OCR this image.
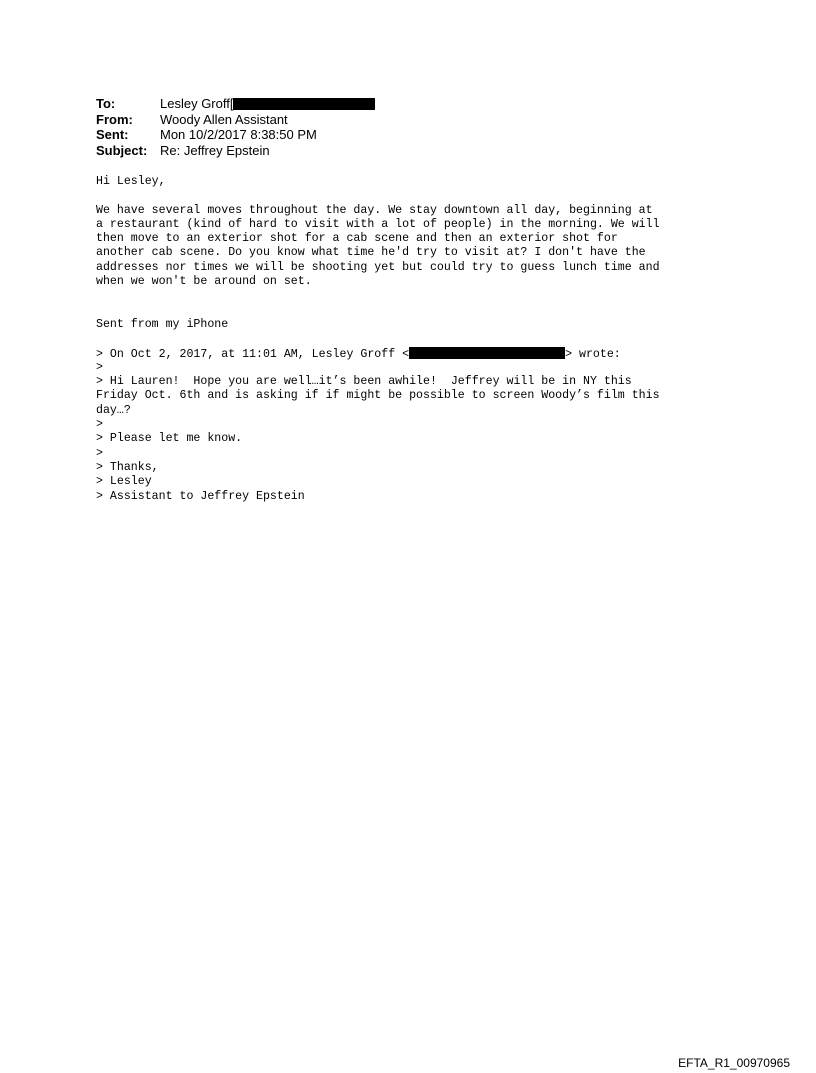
To:	Lesley Groff[
From:	Woody Allen Assistant
Sent:	Mon 10/2/2017 8:38:50 PM
Subject: Re: Jeffrey Epstein
Hi Lesley,
We have several moves throughout the day. We stay downtown all day, beginning at
a restaurant (kind of hard to visit with a lot of people) in the morning. We will
then move to an exterior shot for a cab scene and then an exterior shot for
another cab scene. Do you know what time he'd try to visit at? I don't have the
addresses nor times we will be shooting yet but could try to guess lunch time and
when we won't be around on set.
Sent from my iPhone
> On Oct 2, 2017, at 11:01 AM, Lesley Groff <	> wrote:
>
> Hi Lauren!  Hope you are well…it’s been awhile!  Jeffrey will be in NY this
Friday Oct. 6th and is asking if if might be possible to screen Woody’s film this
day…?
>
> Please let me know.
>
> Thanks,
> Lesley
> Assistant to Jeffrey Epstein
EFTA_R1_00970965
